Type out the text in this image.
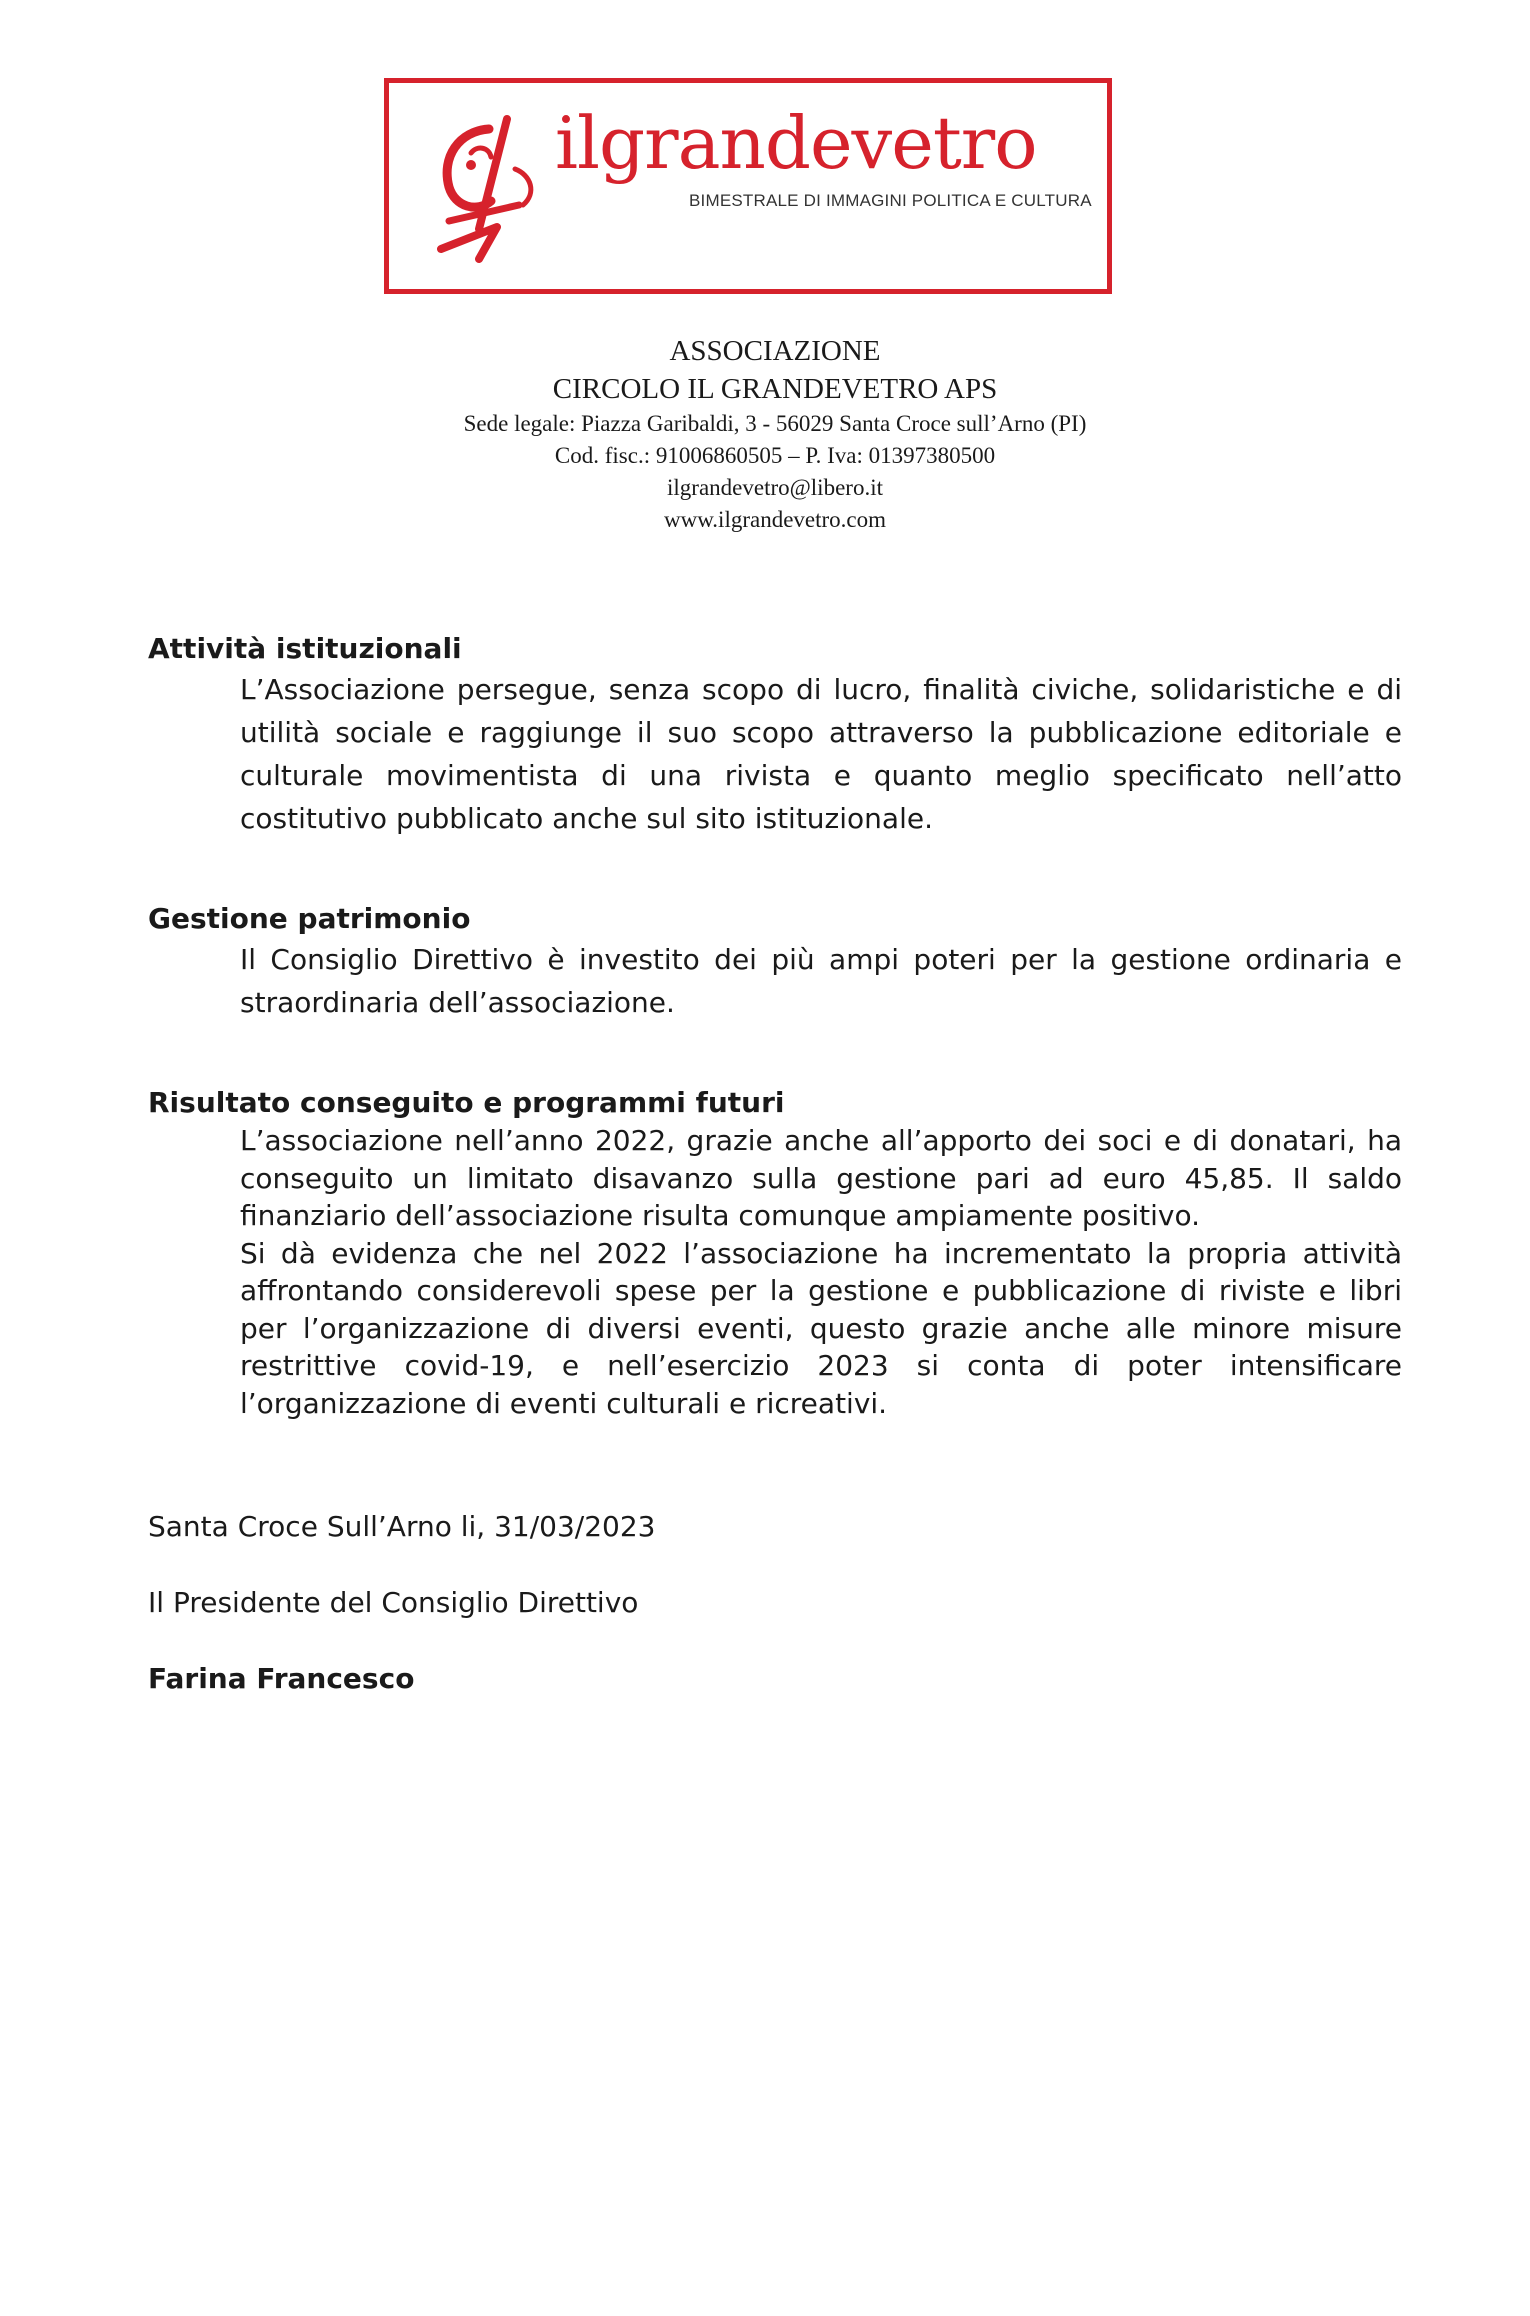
ilgrandevetro
BIMESTRALE DI IMMAGINI POLITICA E CULTURA
ASSOCIAZIONE
CIRCOLO IL GRANDEVETRO APS
Sede legale: Piazza Garibaldi, 3 - 56029 Santa Croce sull’Arno (PI)
Cod. fisc.: 91006860505 – P. Iva: 01397380500
ilgrandevetro@libero.it
www.ilgrandevetro.com
Attività istituzionali

L’Associazione persegue, senza scopo di lucro, finalità civiche, solidaristiche e di utilità sociale e raggiunge il suo scopo attraverso la pubblicazione editoriale e culturale movimentista di una rivista e quanto meglio specificato nell’atto costitutivo pubblicato anche sul sito istituzionale.

Gestione patrimonio

Il Consiglio Direttivo è investito dei più ampi poteri per la gestione ordinaria e straordinaria dell’associazione.

Risultato conseguito e programmi futuri

L’associazione nell’anno 2022, grazie anche all’apporto dei soci e di donatari, ha conseguito un limitato disavanzo sulla gestione pari ad euro 45,85. Il saldo finanziario dell’associazione risulta comunque ampiamente positivo.

Si dà evidenza che nel 2022 l’associazione ha incrementato la propria attività affrontando considerevoli spese per la gestione e pubblicazione di riviste e libri per l’organizzazione di diversi eventi, questo grazie anche alle minore misure restrittive covid-19, e nell’esercizio 2023 si conta di poter intensificare l’organizzazione di eventi culturali e ricreativi.

Santa Croce Sull’Arno li, 31/03/2023
Il Presidente del Consiglio Direttivo
Farina Francesco
